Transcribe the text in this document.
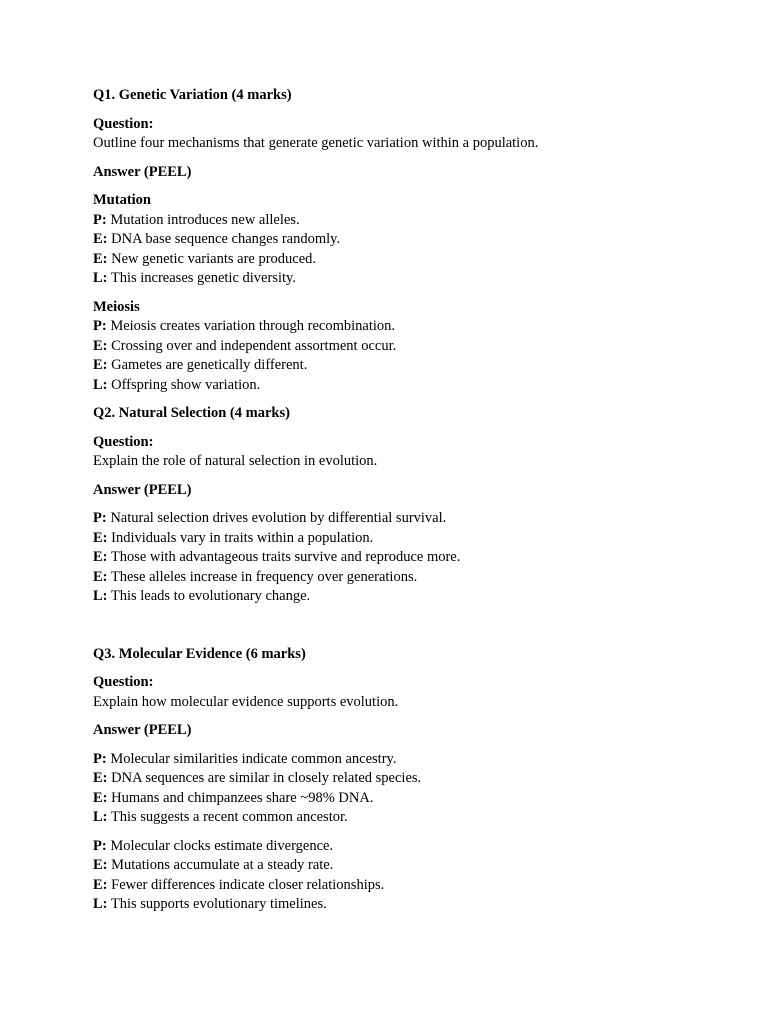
Q1. Genetic Variation (4 marks)
Question:
Outline four mechanisms that generate genetic variation within a population.
Answer (PEEL)
Mutation
P: Mutation introduces new alleles.
E: DNA base sequence changes randomly.
E: New genetic variants are produced.
L: This increases genetic diversity.
Meiosis
P: Meiosis creates variation through recombination.
E: Crossing over and independent assortment occur.
E: Gametes are genetically different.
L: Offspring show variation.
Q2. Natural Selection (4 marks)
Question:
Explain the role of natural selection in evolution.
Answer (PEEL)
P: Natural selection drives evolution by differential survival.
E: Individuals vary in traits within a population.
E: Those with advantageous traits survive and reproduce more.
E: These alleles increase in frequency over generations.
L: This leads to evolutionary change.
Q3. Molecular Evidence (6 marks)
Question:
Explain how molecular evidence supports evolution.
Answer (PEEL)
P: Molecular similarities indicate common ancestry.
E: DNA sequences are similar in closely related species.
E: Humans and chimpanzees share ~98% DNA.
L: This suggests a recent common ancestor.
P: Molecular clocks estimate divergence.
E: Mutations accumulate at a steady rate.
E: Fewer differences indicate closer relationships.
L: This supports evolutionary timelines.
